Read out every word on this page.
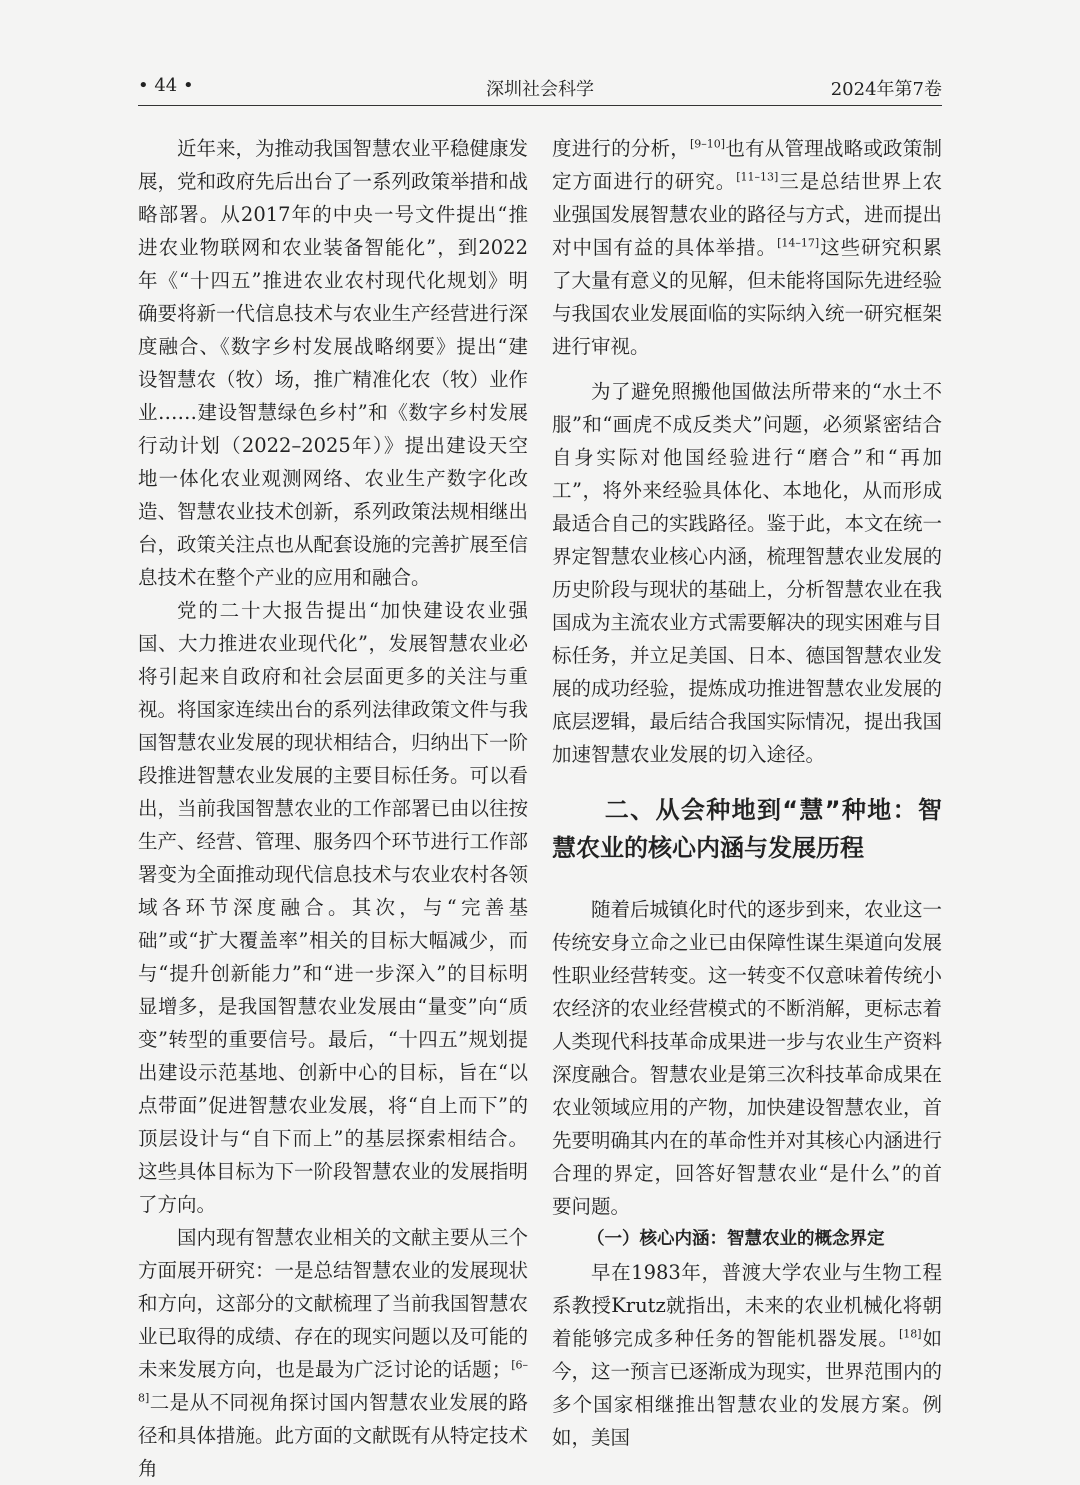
• 44 •	深圳社会科学	2024年第7卷

近年来，为推动我国智慧农业平稳健康发展，党和政府先后出台了一系列政策举措和战略部署。从2017年的中央一号文件提出“推进农业物联网和农业装备智能化”，到2022年《“十四五”推进农业农村现代化规划》明确要将新一代信息技术与农业生产经营进行深度融合、《数字乡村发展战略纲要》提出“建设智慧农（牧）场，推广精准化农（牧）业作业……建设智慧绿色乡村”和《数字乡村发展行动计划（2022–2025年）》提出建设天空地一体化农业观测网络、农业生产数字化改造、智慧农业技术创新，系列政策法规相继出台，政策关注点也从配套设施的完善扩展至信息技术在整个产业的应用和融合。

党的二十大报告提出“加快建设农业强国、大力推进农业现代化”，发展智慧农业必将引起来自政府和社会层面更多的关注与重视。将国家连续出台的系列法律政策文件与我国智慧农业发展的现状相结合，归纳出下一阶段推进智慧农业发展的主要目标任务。可以看出，当前我国智慧农业的工作部署已由以往按生产、经营、管理、服务四个环节进行工作部署变为全面推动现代信息技术与农业农村各领域各环节深度融合。其次，与“完善基础”或“扩大覆盖率”相关的目标大幅减少，而与“提升创新能力”和“进一步深入”的目标明显增多，是我国智慧农业发展由“量变”向“质变”转型的重要信号。最后，“十四五”规划提出建设示范基地、创新中心的目标，旨在“以点带面”促进智慧农业发展，将“自上而下”的顶层设计与“自下而上”的基层探索相结合。这些具体目标为下一阶段智慧农业的发展指明了方向。

国内现有智慧农业相关的文献主要从三个方面展开研究：一是总结智慧农业的发展现状和方向，这部分的文献梳理了当前我国智慧农业已取得的成绩、存在的现实问题以及可能的未来发展方向，也是最为广泛讨论的话题；[6–8]二是从不同视角探讨国内智慧农业发展的路径和具体措施。此方面的文献既有从特定技术角

度进行的分析，[9–10]也有从管理战略或政策制定方面进行的研究。[11–13]三是总结世界上农业强国发展智慧农业的路径与方式，进而提出对中国有益的具体举措。[14–17]这些研究积累了大量有意义的见解，但未能将国际先进经验与我国农业发展面临的实际纳入统一研究框架进行审视。

为了避免照搬他国做法所带来的“水土不服”和“画虎不成反类犬”问题，必须紧密结合自身实际对他国经验进行“磨合”和“再加工”，将外来经验具体化、本地化，从而形成最适合自己的实践路径。鉴于此，本文在统一界定智慧农业核心内涵，梳理智慧农业发展的历史阶段与现状的基础上，分析智慧农业在我国成为主流农业方式需要解决的现实困难与目标任务，并立足美国、日本、德国智慧农业发展的成功经验，提炼成功推进智慧农业发展的底层逻辑，最后结合我国实际情况，提出我国加速智慧农业发展的切入途径。

二、从会种地到“慧”种地：智慧农业的核心内涵与发展历程

随着后城镇化时代的逐步到来，农业这一传统安身立命之业已由保障性谋生渠道向发展性职业经营转变。这一转变不仅意味着传统小农经济的农业经营模式的不断消解，更标志着人类现代科技革命成果进一步与农业生产资料深度融合。智慧农业是第三次科技革命成果在农业领域应用的产物，加快建设智慧农业，首先要明确其内在的革命性并对其核心内涵进行合理的界定，回答好智慧农业“是什么”的首要问题。

（一）核心内涵：智慧农业的概念界定

早在1983年，普渡大学农业与生物工程系教授Krutz就指出，未来的农业机械化将朝着能够完成多种任务的智能机器发展。[18]如今，这一预言已逐渐成为现实，世界范围内的多个国家相继推出智慧农业的发展方案。例如，美国
